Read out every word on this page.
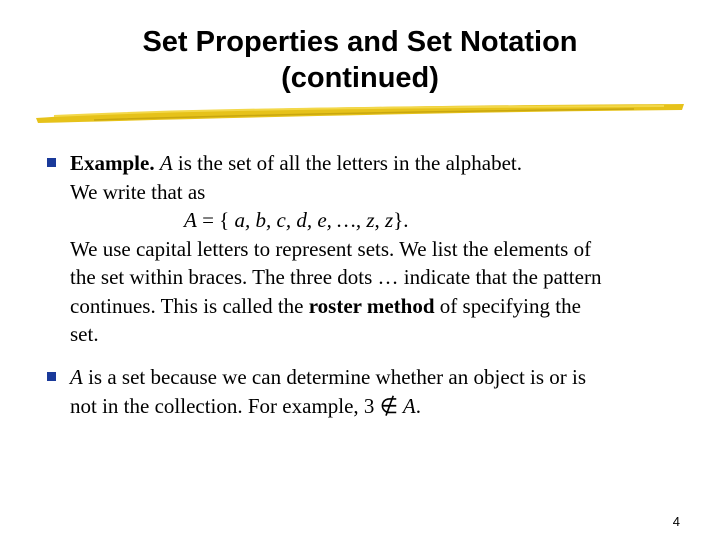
Set Properties and Set Notation
(continued)
Example. A is the set of all the letters in the alphabet.
We write that as
A = { a, b, c, d, e, …, z, z}.
We use capital letters to represent sets. We list the elements of
the set within braces. The three dots … indicate that the pattern
continues. This is called the roster method of specifying the
set.
A is a set because we can determine whether an object is or is
not in the collection. For example, 3 ∉ A.
4
